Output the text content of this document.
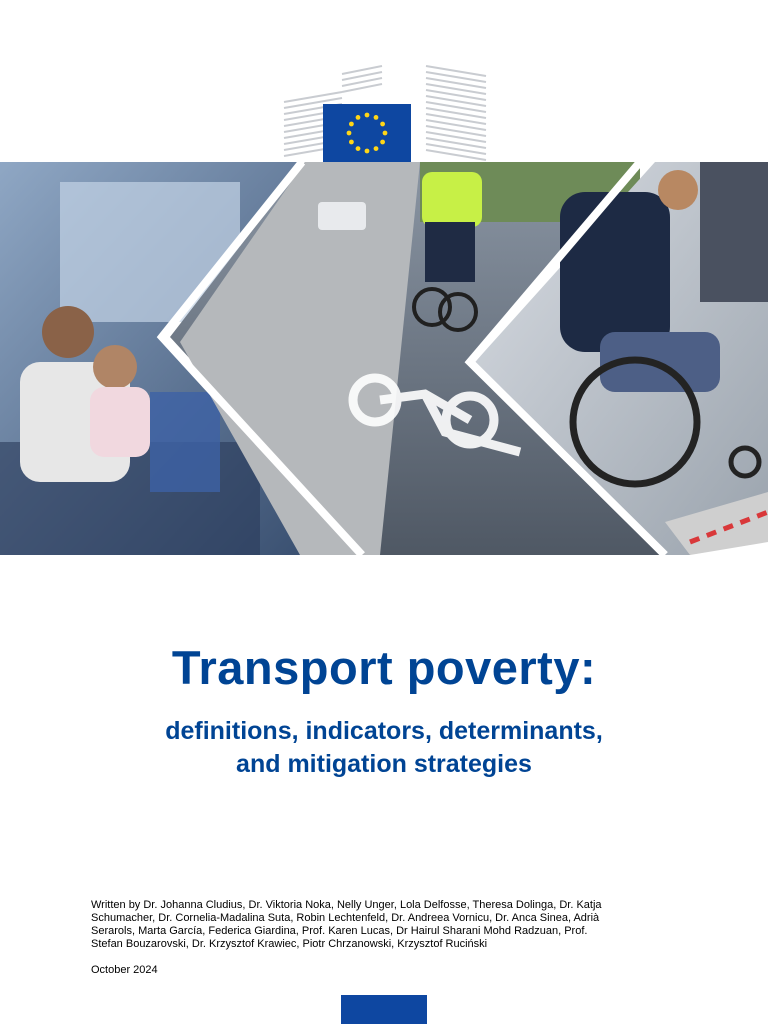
Final Report
Transport poverty:
definitions, indicators, determinants,
and mitigation strategies

Written by Dr. Johanna Cludius, Dr. Viktoria Noka, Nelly Unger, Lola Delfosse, Theresa Dolinga, Dr. Katja
Schumacher, Dr. Cornelia-Madalina Suta, Robin Lechtenfeld, Dr. Andreea Vornicu, Dr. Anca Sinea, Adrià
Serarols, Marta García, Federica Giardina, Prof. Karen Lucas, Dr Hairul Sharani Mohd Radzuan, Prof.
Stefan Bouzarovski, Dr. Krzysztof Krawiec, Piotr Chrzanowski, Krzysztof Ruciński

October 2024
